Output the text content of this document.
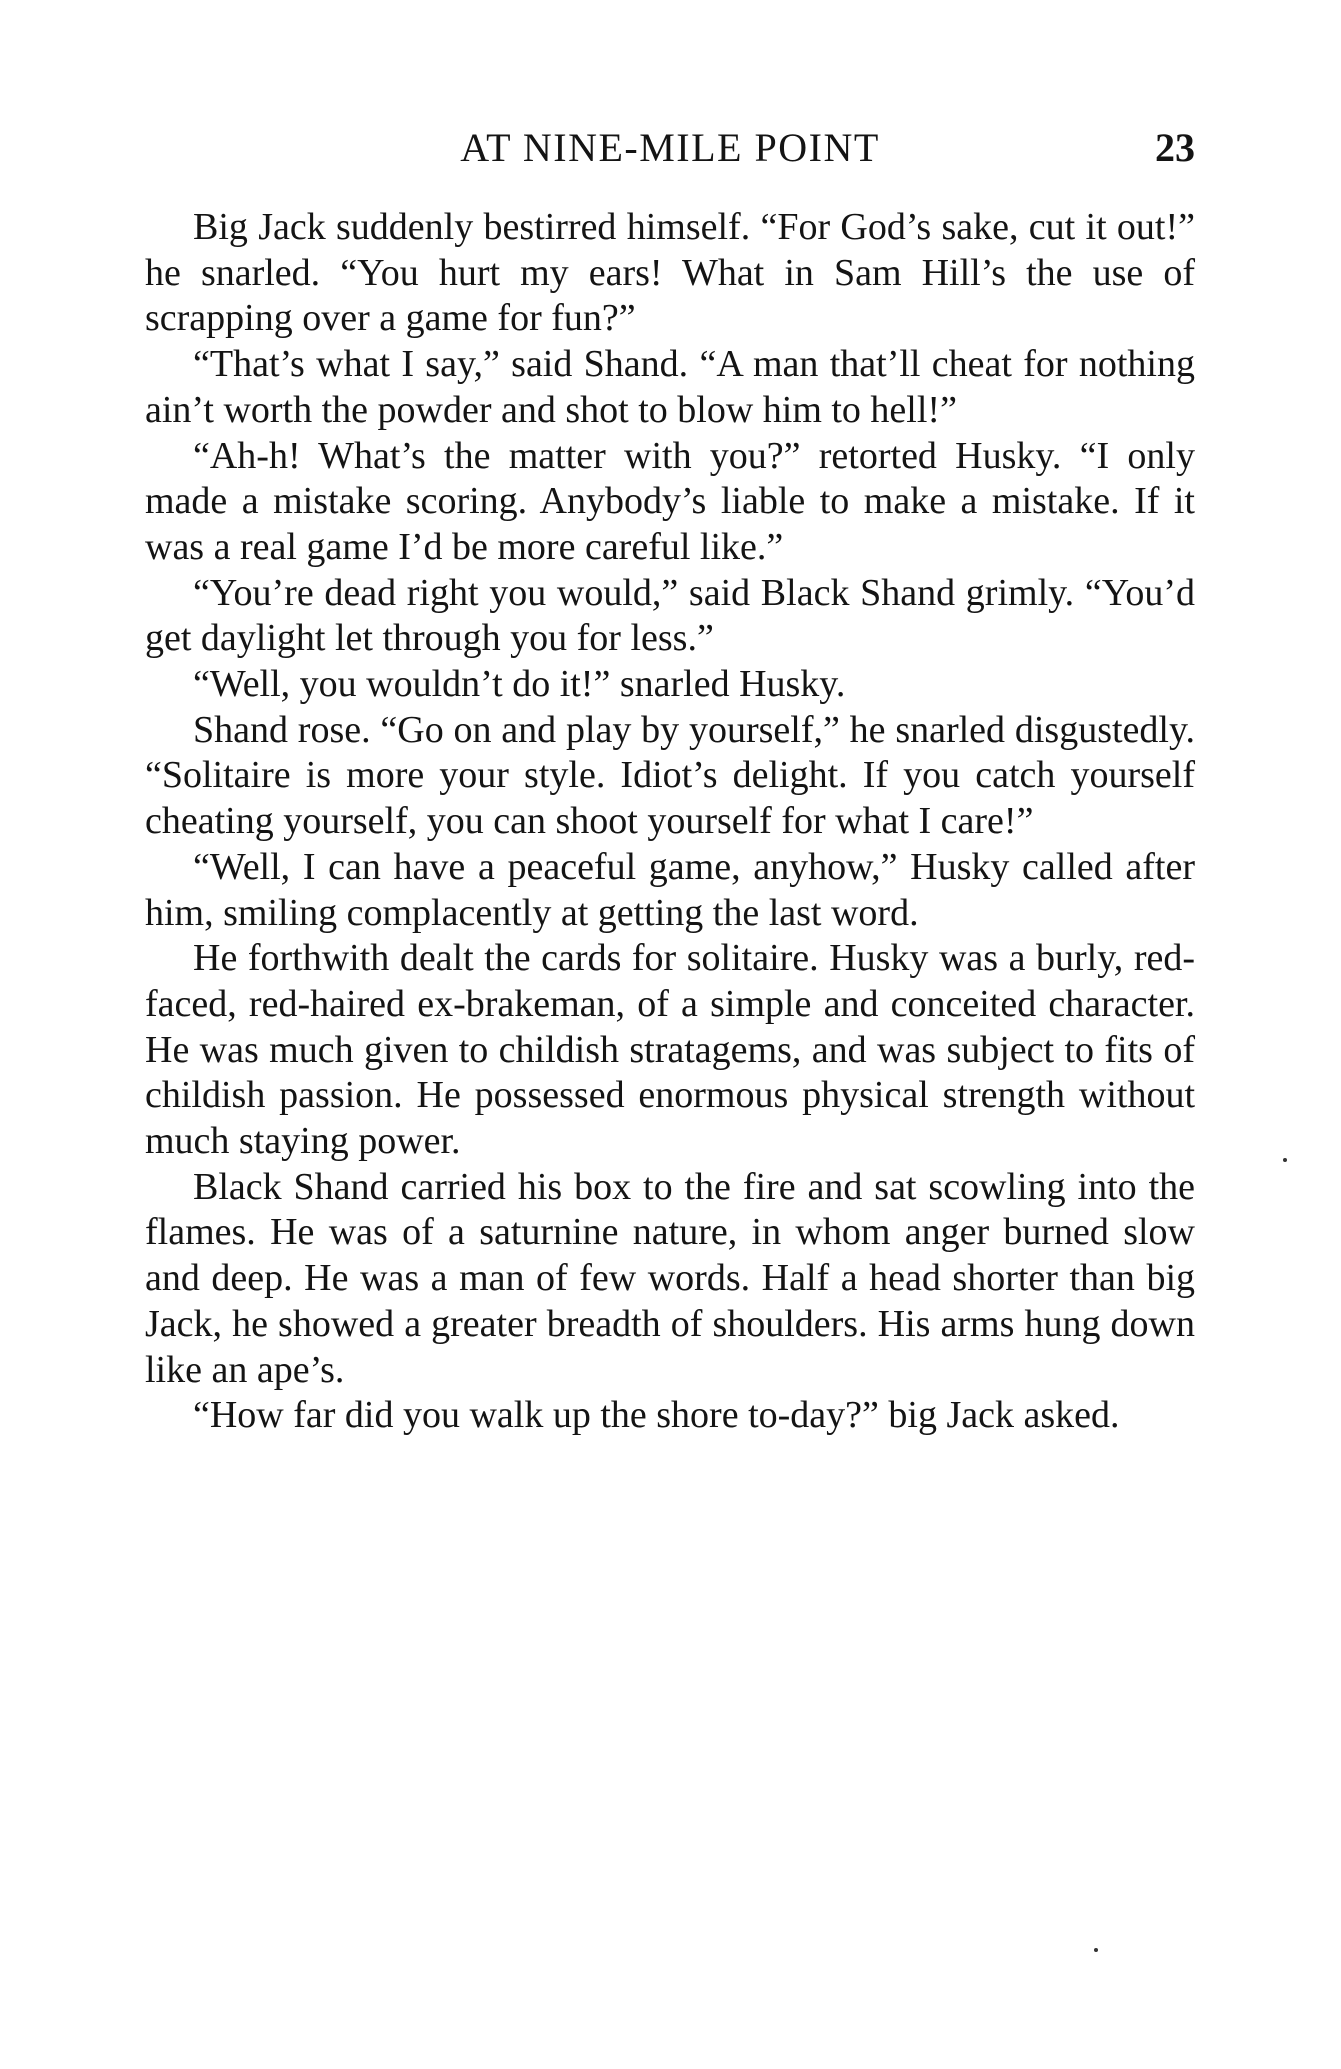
AT NINE-MILE POINT	23

Big Jack suddenly bestirred himself. “For God’s sake, cut it out!” he snarled. “You hurt my ears! What in Sam Hill’s the use of scrapping over a game for fun?”

“That’s what I say,” said Shand. “A man that’ll cheat for nothing ain’t worth the powder and shot to blow him to hell!”

“Ah-h! What’s the matter with you?” retorted Husky. “I only made a mistake scoring. Anybody’s liable to make a mistake. If it was a real game I’d be more careful like.”

“You’re dead right you would,” said Black Shand grimly. “You’d get daylight let through you for less.”

“Well, you wouldn’t do it!” snarled Husky.

Shand rose. “Go on and play by yourself,” he snarled disgustedly. “Solitaire is more your style. Idiot’s delight. If you catch yourself cheating yourself, you can shoot yourself for what I care!”

“Well, I can have a peaceful game, anyhow,” Husky called after him, smiling complacently at getting the last word.

He forthwith dealt the cards for solitaire. Husky was a burly, red-faced, red-haired ex-brakeman, of a simple and conceited character. He was much given to childish stratagems, and was subject to fits of childish passion. He possessed enormous physical strength without much staying power.

Black Shand carried his box to the fire and sat scowling into the flames. He was of a saturnine nature, in whom anger burned slow and deep. He was a man of few words. Half a head shorter than big Jack, he showed a greater breadth of shoulders. His arms hung down like an ape’s.

“How far did you walk up the shore to-day?” big Jack asked.
